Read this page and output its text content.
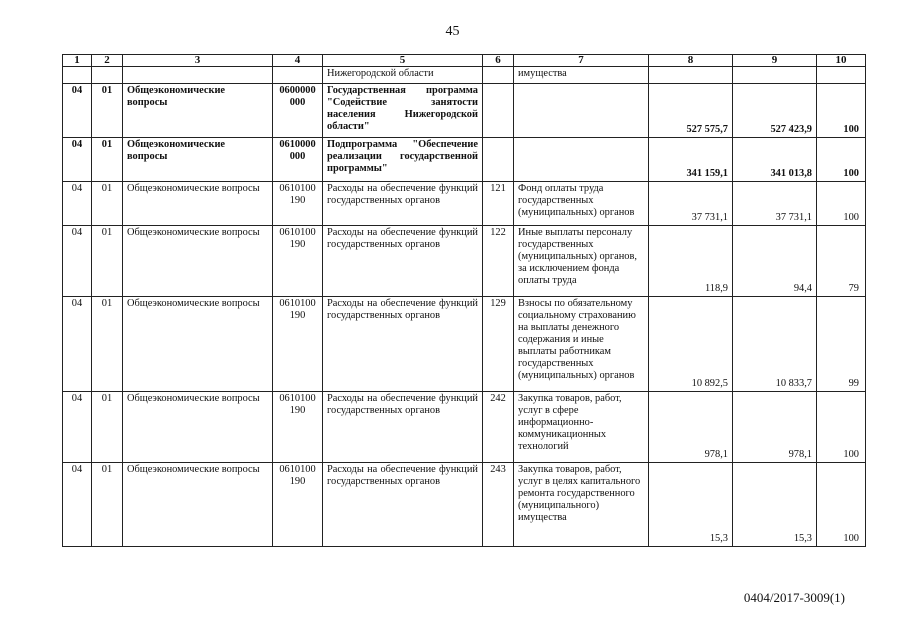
45
1	2	3	4	5	6	7	8	9	10
				Нижегородской области		имущества			
04	01	Общеэкономические вопросы	0600000 000	Государственная программа "Содействие занятости населения Нижегородской области"			527 575,7	527 423,9	100
04	01	Общеэкономические вопросы	0610000 000	Подпрограмма "Обеспечение реализации государственной программы"			341 159,1	341 013,8	100
04	01	Общеэкономические вопросы	0610100 190	Расходы на обеспечение функций государственных органов	121	Фонд оплаты труда государственных (муниципальных) органов	37 731,1	37 731,1	100
04	01	Общеэкономические вопросы	0610100 190	Расходы на обеспечение функций государственных органов	122	Иные выплаты персоналу государственных (муниципальных) органов, за исключением фонда оплаты труда	118,9	94,4	79
04	01	Общеэкономические вопросы	0610100 190	Расходы на обеспечение функций государственных органов	129	Взносы по обязательному социальному страхованию на выплаты денежного содержания и иные выплаты работникам государственных (муниципальных) органов	10 892,5	10 833,7	99
04	01	Общеэкономические вопросы	0610100 190	Расходы на обеспечение функций государственных органов	242	Закупка товаров, работ, услуг в сфере информационно-коммуникационных технологий	978,1	978,1	100
04	01	Общеэкономические вопросы	0610100 190	Расходы на обеспечение функций государственных органов	243	Закупка товаров, работ, услуг в целях капитального ремонта государственного (муниципального) имущества	15,3	15,3	100
0404/2017-3009(1)
